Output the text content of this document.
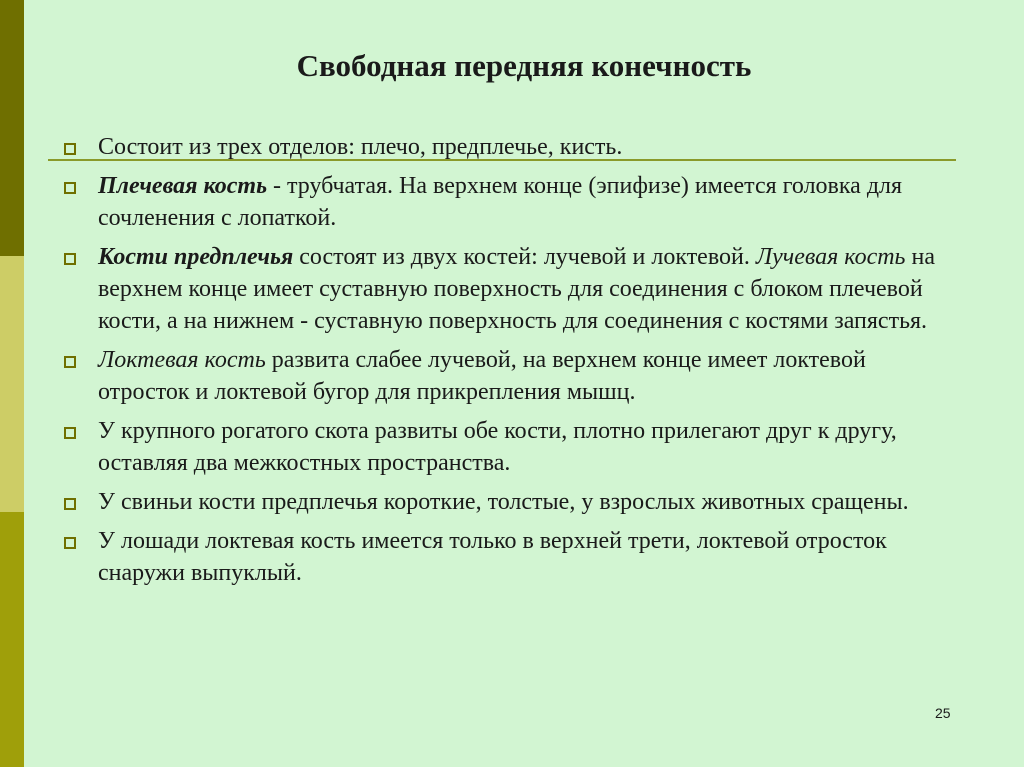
Свободная передняя конечность
Состоит из трех отделов: плечо, предплечье, кисть.
Плечевая кость - трубчатая. На верхнем конце (эпифизе) имеется головка для сочленения с лопаткой.
Кости предплечья состоят из двух костей: лучевой и локтевой. Лучевая кость на верхнем конце имеет суставную поверхность для соединения с блоком плечевой кости, а на нижнем - суставную поверхность для соединения с костями запястья.
Локтевая кость развита слабее лучевой, на верхнем конце имеет локтевой отросток и локтевой бугор для прикрепления мышц.
У крупного рогатого скота развиты обе кости, плотно прилегают друг к другу, оставляя два межкостных пространства.
У свиньи кости предплечья короткие, толстые, у взрослых животных сращены.
У лошади локтевая кость имеется только в верхней трети, локтевой отросток снаружи выпуклый.
25
